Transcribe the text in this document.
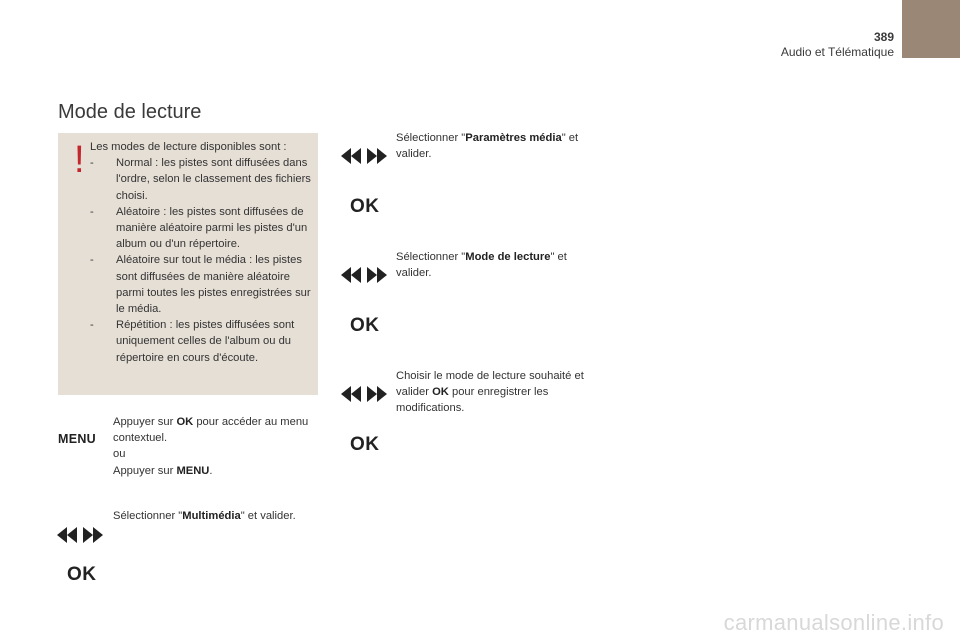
389
Audio et Télématique
Mode de lecture
! Les modes de lecture disponibles sont :
-	Normal : les pistes sont diffusées dans l'ordre, selon le classement des fichiers choisi.
-	Aléatoire : les pistes sont diffusées de manière aléatoire parmi les pistes d'un album ou d'un répertoire.
-	Aléatoire sur tout le média : les pistes sont diffusées de manière aléatoire parmi toutes les pistes enregistrées sur le média.
-	Répétition : les pistes diffusées sont uniquement celles de l'album ou du répertoire en cours d'écoute.
MENU
Appuyer sur OK pour accéder au menu contextuel.
ou
Appuyer sur MENU.
Sélectionner "Multimédia" et valider.
OK
Sélectionner "Paramètres média" et valider.
OK
Sélectionner "Mode de lecture" et valider.
OK
Choisir le mode de lecture souhaité et valider OK pour enregistrer les modifications.
OK
carmanualsonline.info
